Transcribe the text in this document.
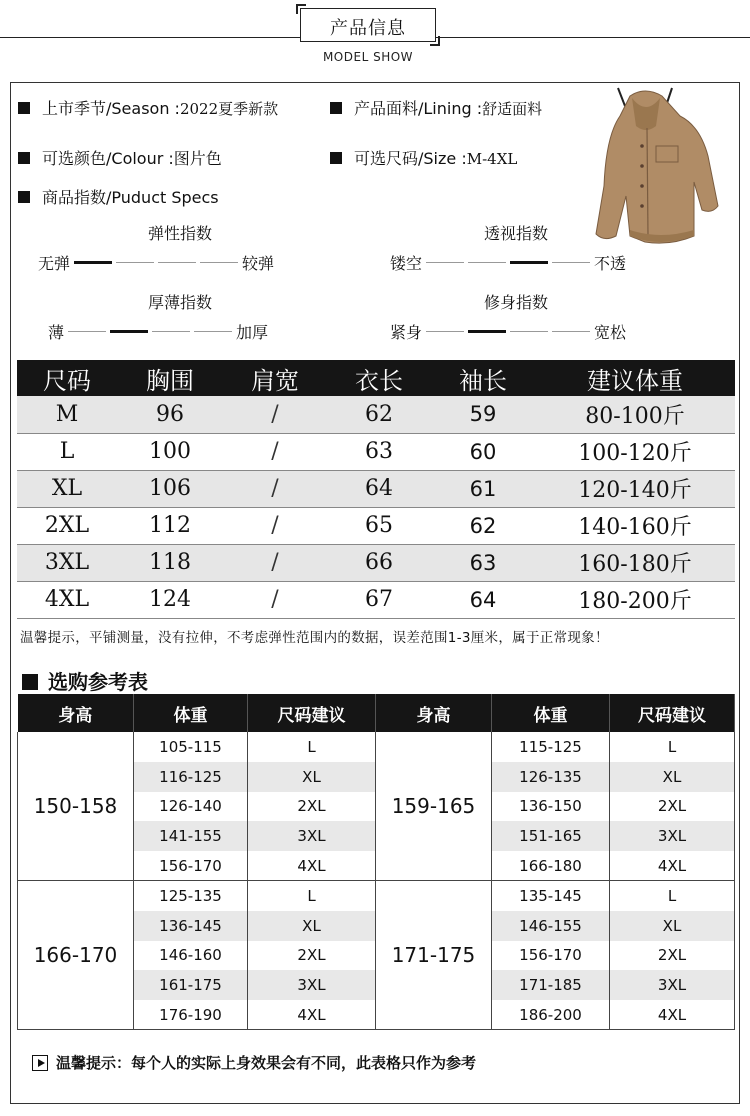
产品信息
MODEL SHOW
上市季节/Season :2022夏季新款	产品面料/Lining :舒适面料
可选颜色/Colour :图片色	可选尺码/Size :M-4XL
商品指数/Puduct Specs
弹性指数
无弹	较弹
透视指数
镂空	不透
厚薄指数
薄	加厚
修身指数
紧身	宽松
尺码	胸围	肩宽	衣长	袖长	建议体重
M	96	/	62	59	80-100斤
L	100	/	63	60	100-120斤
XL	106	/	64	61	120-140斤
2XL	112	/	65	62	140-160斤
3XL	118	/	66	63	160-180斤
4XL	124	/	67	64	180-200斤
温馨提示，平铺测量，没有拉伸，不考虑弹性范围内的数据，误差范围1-3厘米，属于正常现象！
选购参考表
身高	体重	尺码建议	身高	体重	尺码建议
150-158	105-115	L	159-165	115-125	L
	116-125	XL		126-135	XL
	126-140	2XL		136-150	2XL
	141-155	3XL		151-165	3XL
	156-170	4XL		166-180	4XL
166-170	125-135	L	171-175	135-145	L
	136-145	XL		146-155	XL
	146-160	2XL		156-170	2XL
	161-175	3XL		171-185	3XL
	176-190	4XL		186-200	4XL
温馨提示：每个人的实际上身效果会有不同，此表格只作为参考
